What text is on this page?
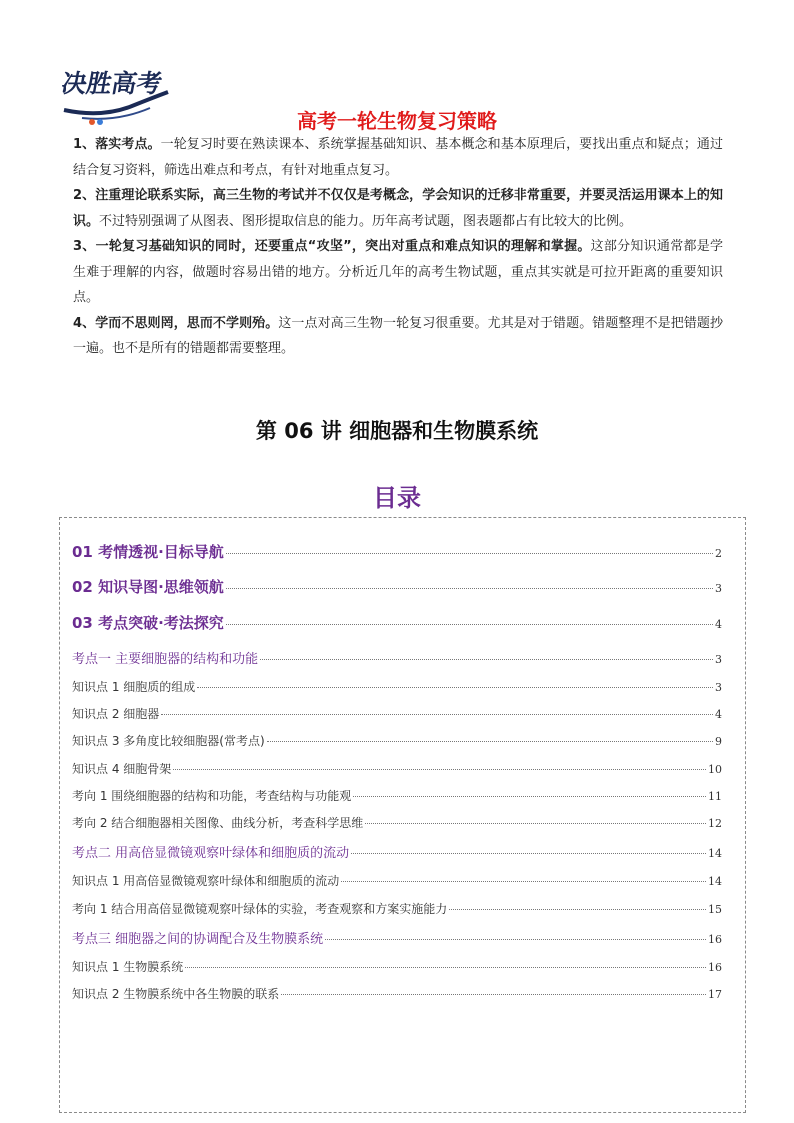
决胜高考
高考一轮生物复习策略

1、落实考点。一轮复习时要在熟读课本、系统掌握基础知识、基本概念和基本原理后，要找出重点和疑点；通过结合复习资料，筛选出难点和考点，有针对地重点复习。

2、注重理论联系实际，高三生物的考试并不仅仅是考概念，学会知识的迁移非常重要，并要灵活运用课本上的知识。不过特别强调了从图表、图形提取信息的能力。历年高考试题，图表题都占有比较大的比例。

3、一轮复习基础知识的同时，还要重点“攻坚”，突出对重点和难点知识的理解和掌握。这部分知识通常都是学生难于理解的内容，做题时容易出错的地方。分析近几年的高考生物试题，重点其实就是可拉开距离的重要知识点。

4、学而不思则罔，思而不学则殆。这一点对高三生物一轮复习很重要。尤其是对于错题。错题整理不是把错题抄一遍。也不是所有的错题都需要整理。

第 06 讲 细胞器和生物膜系统
目录
01 考情透视·目标导航	2
02 知识导图·思维领航	3
03 考点突破·考法探究	4
考点一 主要细胞器的结构和功能	3
知识点 1 细胞质的组成	3
知识点 2 细胞器	4
知识点 3 多角度比较细胞器(常考点)	9
知识点 4 细胞骨架	10
考向 1 围绕细胞器的结构和功能，考查结构与功能观	11
考向 2 结合细胞器相关图像、曲线分析，考查科学思维	12
考点二 用高倍显微镜观察叶绿体和细胞质的流动	14
知识点 1 用高倍显微镜观察叶绿体和细胞质的流动	14
考向 1 结合用高倍显微镜观察叶绿体的实验，考查观察和方案实施能力	15
考点三 细胞器之间的协调配合及生物膜系统	16
知识点 1 生物膜系统	16
知识点 2 生物膜系统中各生物膜的联系	17
